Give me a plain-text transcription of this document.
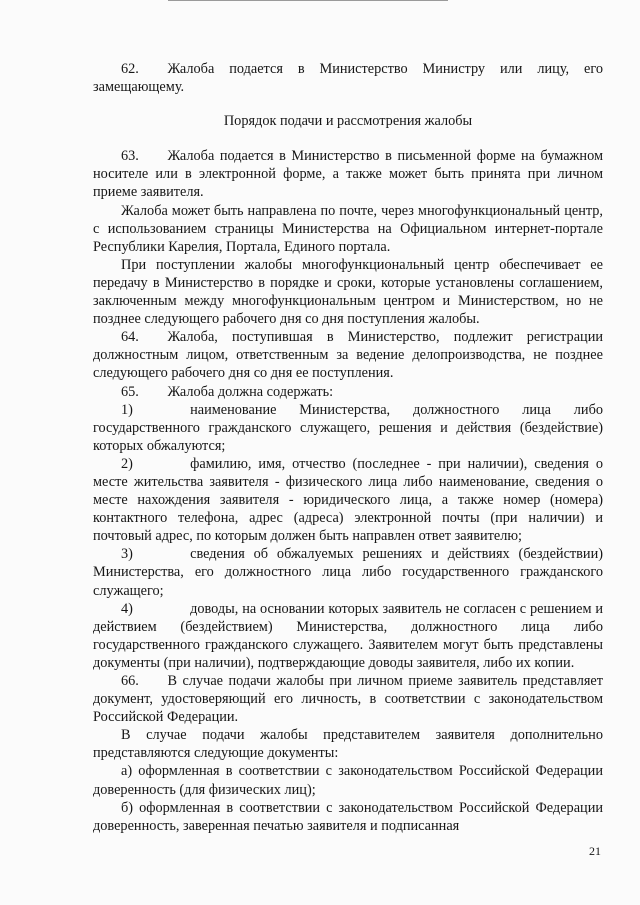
62.  Жалоба подается в Министерство Министру или лицу, его замещающему.

Порядок подачи и рассмотрения жалобы

63.  Жалоба подается в Министерство в письменной форме на бумажном носителе или в электронной форме, а также может быть принята при личном приеме заявителя.

Жалоба может быть направлена по почте, через многофункциональный центр, с использованием страницы Министерства на Официальном интернет-портале Республики Карелия, Портала, Единого портала.

При поступлении жалобы многофункциональный центр обеспечивает ее передачу в Министерство в порядке и сроки, которые установлены соглашением, заключенным между многофункциональным центром и Министерством, но не позднее следующего рабочего дня со дня поступления жалобы.

64.  Жалоба, поступившая в Министерство, подлежит регистрации должностным лицом, ответственным за ведение делопроизводства, не позднее следующего рабочего дня со дня ее поступления.

65.  Жалоба должна содержать:

1)    наименование Министерства, должностного лица либо государственного гражданского служащего, решения и действия (бездействие) которых обжалуются;

2)    фамилию, имя, отчество (последнее - при наличии), сведения о месте жительства заявителя - физического лица либо наименование, сведения о месте нахождения заявителя - юридического лица, а также номер (номера) контактного телефона, адрес (адреса) электронной почты (при наличии) и почтовый адрес, по которым должен быть направлен ответ заявителю;

3)    сведения об обжалуемых решениях и действиях (бездействии) Министерства, его должностного лица либо государственного гражданского служащего;

4)    доводы, на основании которых заявитель не согласен с решением и действием (бездействием) Министерства, должностного лица либо государственного гражданского служащего. Заявителем могут быть представлены документы (при наличии), подтверждающие доводы заявителя, либо их копии.

66.  В случае подачи жалобы при личном приеме заявитель представляет документ, удостоверяющий его личность, в соответствии с законодательством Российской Федерации.

В случае подачи жалобы представителем заявителя дополнительно представляются следующие документы:

а) оформленная в соответствии с законодательством Российской Федерации доверенность (для физических лиц);

б) оформленная в соответствии с законодательством Российской Федерации доверенность, заверенная печатью заявителя и подписанная

21
